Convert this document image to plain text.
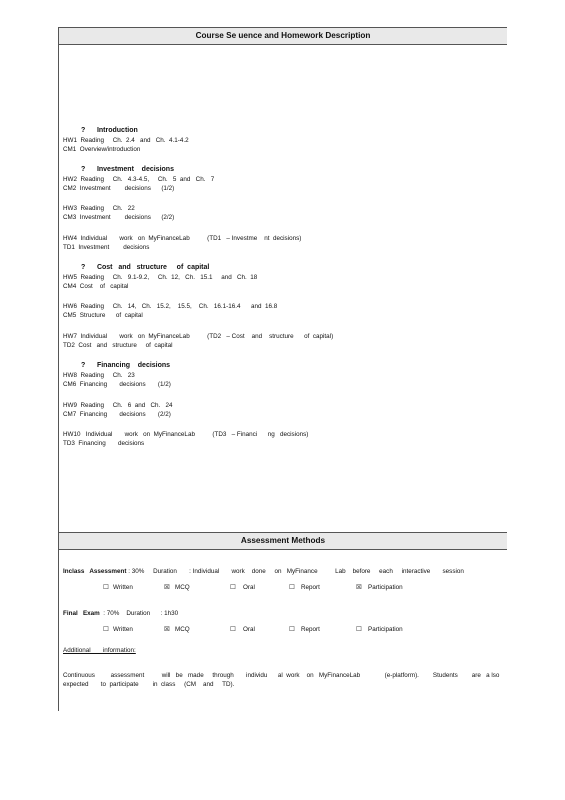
Course Se uence and Homework Description
?      Introduction
HW1  Reading     Ch.  2.4   and   Ch.  4.1-4.2
CM1  Overview/introduction
?      Investment    decisions
HW2  Reading     Ch.   4.3-4.5,     Ch.   5  and   Ch.   7
CM2  Investment        decisions      (1/2)
HW3  Reading     Ch.   22
CM3  Investment        decisions      (2/2)
HW4  Individual       work   on  MyFinanceLab          (TD1   – Investme    nt  decisions)
TD1  Investment        decisions
?      Cost   and   structure     of  capital
HW5  Reading     Ch.   9.1-9.2,     Ch.  12,   Ch.   15.1     and   Ch.  18
CM4  Cost    of   capital
HW6  Reading     Ch.   14,   Ch.   15.2,    15.5,    Ch.   16.1-16.4      and  16.8
CM5  Structure      of  capital
HW7  Individual       work   on  MyFinanceLab          (TD2   – Cost    and    structure      of  capital)
TD2  Cost   and   structure     of  capital
?      Financing    decisions
HW8  Reading     Ch.   23
CM6  Financing       decisions       (1/2)
HW9  Reading     Ch.   6  and   Ch.   24
CM7  Financing       decisions       (2/2)
HW10   Individual       work   on  MyFinanceLab          (TD3   – Financi      ng   decisions)
TD3  Financing       decisions
Assessment Methods
Inclass   Assessment : 30%     Duration       : Individual       work    done     on   MyFinance          Lab    before     each     interactive       session
☐ Written	☒ MCQ	☐ Oral	☐ Report	☒ Participation
Final   Exam  : 70%    Duration      : 1h30
☐ Written	☒ MCQ	☐ Oral	☐ Report	☐ Participation
Additional       information:
Continuous         assessment          will   be   made     through       individu      al  work    on   MyFinanceLab              (e-platform).        Students        are   a lso
expected       to  participate        in  class     (CM    and     TD).
